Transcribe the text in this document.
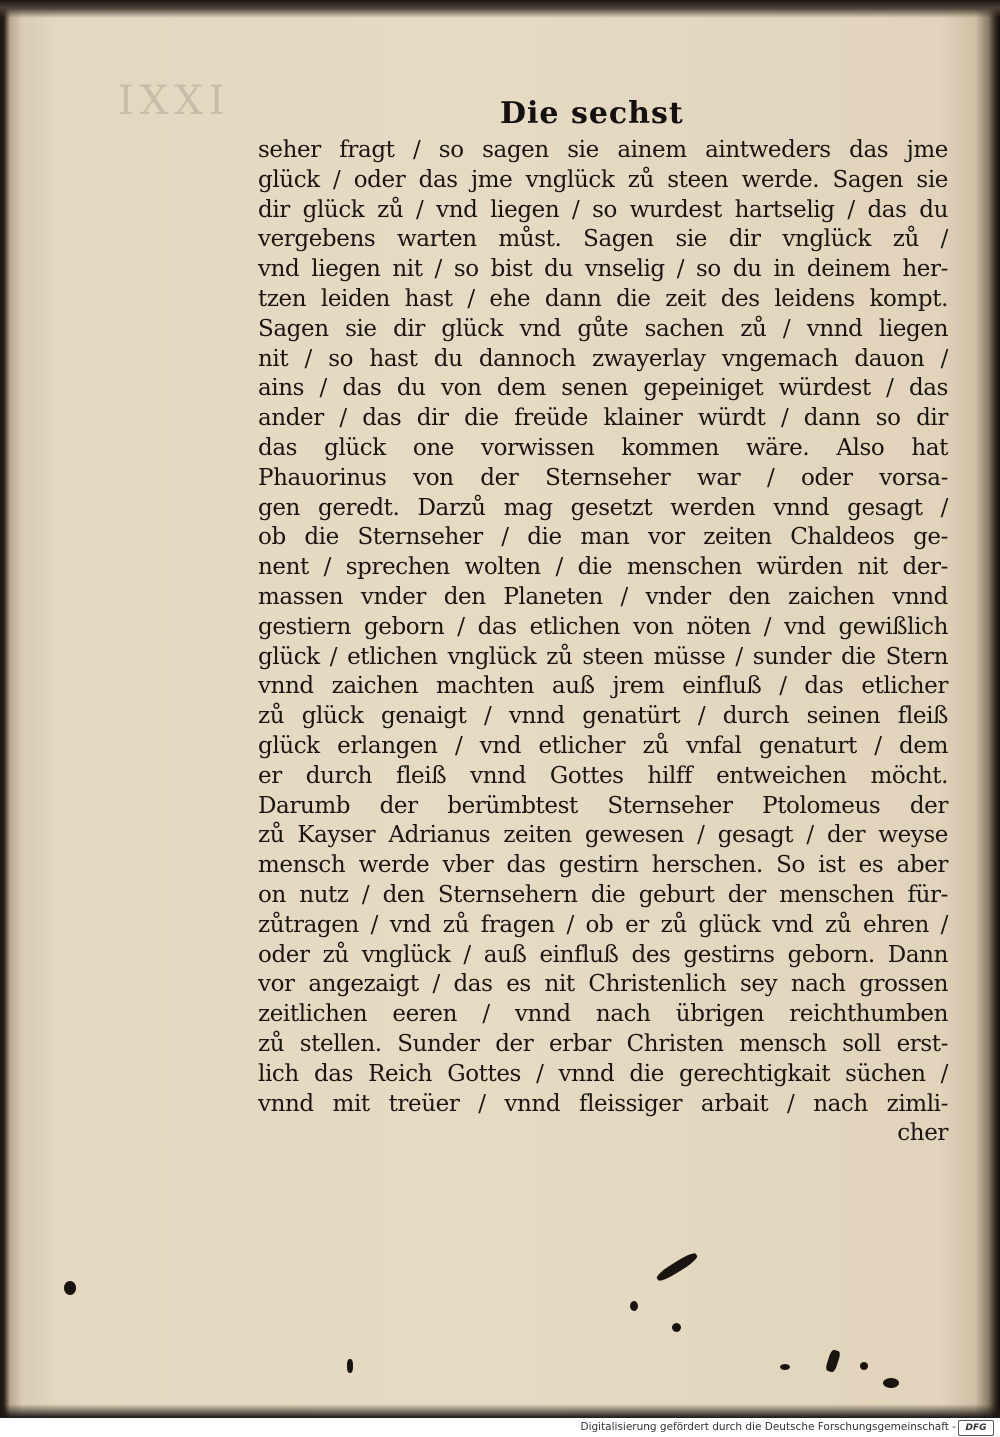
IXXI	Die sechst
seher fragt / so sagen sie ainem aintweders das jme
glück / oder das jme vnglück zů steen werde. Sagen sie
dir glück zů / vnd liegen / so wurdest hartselig / das du
vergebens warten můst. Sagen sie dir vnglück zů /
vnd liegen nit / so bist du vnselig / so du in deinem her-
tzen leiden hast / ehe dann die zeit des leidens kompt.
Sagen sie dir glück vnd gůte sachen zů / vnnd liegen
nit / so hast du dannoch zwayerlay vngemach dauon /
ains / das du von dem senen gepeiniget würdest / das
ander / das dir die freüde klainer würdt / dann so dir
das glück one vorwissen kommen wäre. Also hat
Phauorinus von der Sternseher war / oder vorsa-
gen geredt. Darzů mag gesetzt werden vnnd gesagt /
ob die Sternseher / die man vor zeiten Chaldeos ge-
nent / sprechen wolten / die menschen würden nit der-
massen vnder den Planeten / vnder den zaichen vnnd
gestiern geborn / das etlichen von nöten / vnd gewißlich
glück / etlichen vnglück zů steen müsse / sunder die Stern
vnnd zaichen machten auß jrem einfluß / das etlicher
zů glück genaigt / vnnd genatürt / durch seinen fleiß
glück erlangen / vnd etlicher zů vnfal genaturt / dem
er durch fleiß vnnd Gottes hilff entweichen möcht.
Darumb der berümbtest Sternseher Ptolomeus der
zů Kayser Adrianus zeiten gewesen / gesagt / der weyse
mensch werde vber das gestirn herschen. So ist es aber
on nutz / den Sternsehern die geburt der menschen für-
zůtragen / vnd zů fragen / ob er zů glück vnd zů ehren /
oder zů vnglück / auß einfluß des gestirns geborn. Dann
vor angezaigt / das es nit Christenlich sey nach grossen
zeitlichen eeren / vnnd nach übrigen reichthumben
zů stellen. Sunder der erbar Christen mensch soll erst-
lich das Reich Gottes / vnnd die gerechtigkait süchen /
vnnd mit treüer / vnnd fleissiger arbait / nach zimli-
cher
Digitalisierung gefördert durch die Deutsche Forschungsgemeinschaft -	DFG
